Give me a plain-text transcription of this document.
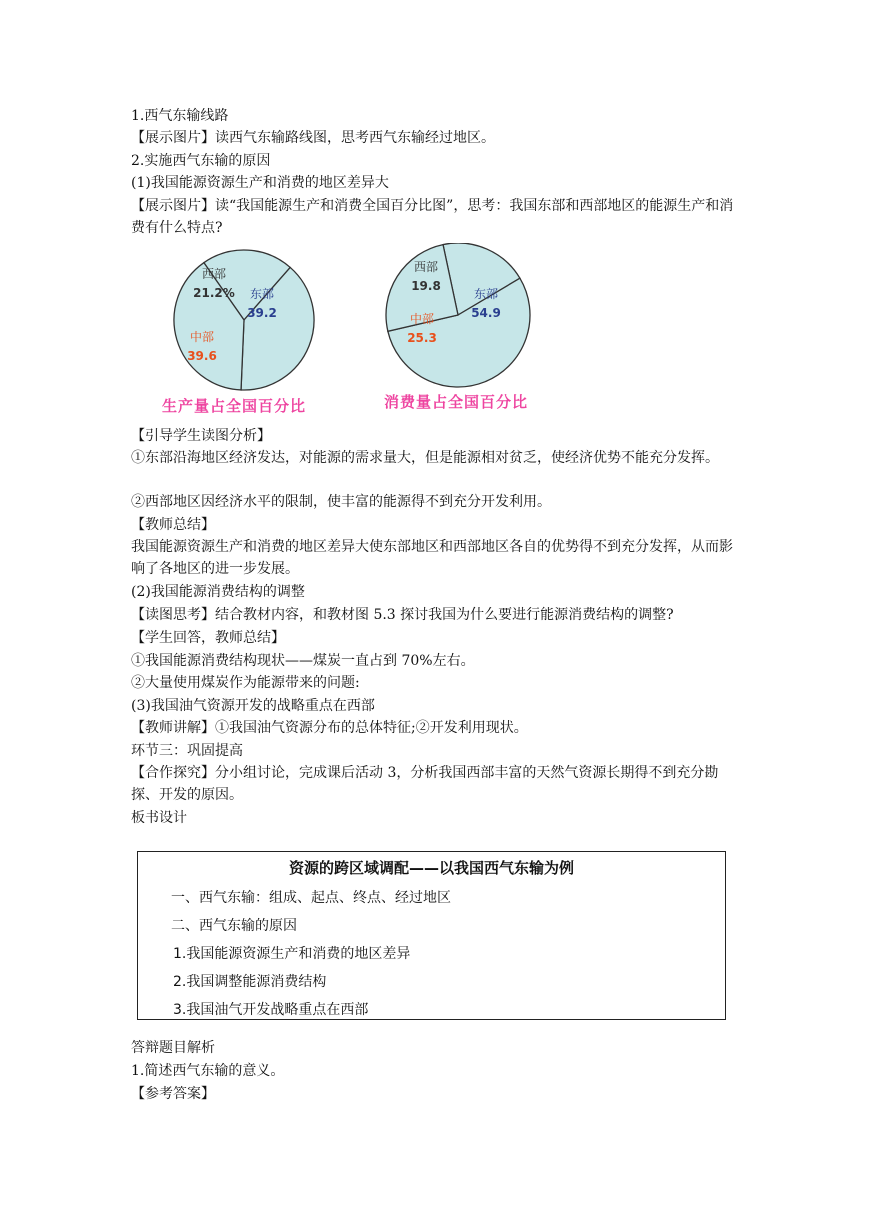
1.西气东输线路
【展示图片】读西气东输路线图，思考西气东输经过地区。
2.实施西气东输的原因
(1)我国能源资源生产和消费的地区差异大
【展示图片】读“我国能源生产和消费全国百分比图”，思考：我国东部和西部地区的能源生产和消费有什么特点?
西部
21.2% 东部
39.2
中部
39.6
生产量占全国百分比
西部
19.8
东部
54.9
中部
25.3
消费量占全国百分比
【引导学生读图分析】
①东部沿海地区经济发达，对能源的需求量大，但是能源相对贫乏，使经济优势不能充分发挥。
②西部地区因经济水平的限制，使丰富的能源得不到充分开发利用。
【教师总结】
我国能源资源生产和消费的地区差异大使东部地区和西部地区各自的优势得不到充分发挥，从而影响了各地区的进一步发展。
(2)我国能源消费结构的调整
【读图思考】结合教材内容，和教材图 5.3 探讨我国为什么要进行能源消费结构的调整?
【学生回答，教师总结】
①我国能源消费结构现状——煤炭一直占到 70%左右。
②大量使用煤炭作为能源带来的问题:
(3)我国油气资源开发的战略重点在西部
【教师讲解】①我国油气资源分布的总体特征;②开发利用现状。
环节三：巩固提高
【合作探究】分小组讨论，完成课后活动 3，分析我国西部丰富的天然气资源长期得不到充分勘探、开发的原因。
板书设计
资源的跨区域调配——以我国西气东输为例
一、西气东输：组成、起点、终点、经过地区
二、西气东输的原因
1.我国能源资源生产和消费的地区差异
2.我国调整能源消费结构
3.我国油气开发战略重点在西部
答辩题目解析
1.简述西气东输的意义。
【参考答案】
